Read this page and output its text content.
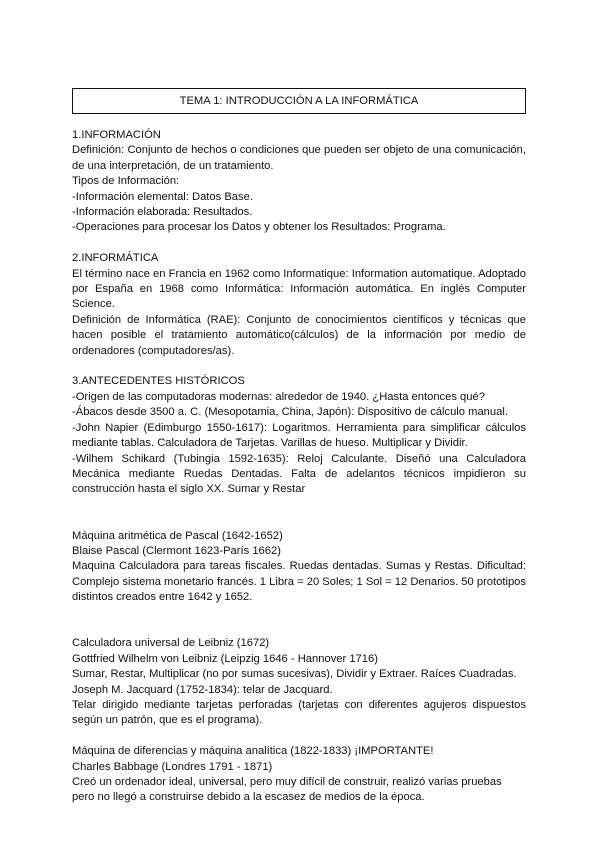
TEMA 1: INTRODUCCIÓN A LA INFORMÁTICA

1.INFORMACIÓN

Definición: Conjunto de hechos o condiciones que pueden ser objeto de una comunicación, de una interpretación, de un tratamiento.

Tipos de Información:

-Información elemental: Datos Base.

-Información elaborada: Resultados.

-Operaciones para procesar los Datos y obtener los Resultados: Programa.

2.INFORMÁTICA

El término nace en Francia en 1962 como Informatique: Information automatique. Adoptado por España en 1968 como Informática: Información automática. En inglés Computer Science.

Definición de Informática (RAE): Conjunto de conocimientos científicos y técnicas que hacen posible el tratamiento automático(cálculos) de la información por medio de ordenadores (computadores/as).

3.ANTECEDENTES HISTÓRICOS

-Origen de las computadoras modernas: alrededor de 1940. ¿Hasta entonces qué?

-Ábacos desde 3500 a. C. (Mesopotamia, China, Japón): Dispositivo de cálculo manual.

-John Napier (Edimburgo 1550-1617): Logaritmos. Herramienta para simplificar cálculos mediante tablas. Calculadora de Tarjetas. Varillas de hueso. Multiplicar y Dividir.

-Wilhem Schikard (Tubingia 1592-1635): Reloj Calculante. Diseñó una Calculadora Mecánica mediante Ruedas Dentadas. Falta de adelantos técnicos impidieron su construcción hasta el siglo XX. Sumar y Restar

Máquina aritmética de Pascal (1642-1652)

Blaise Pascal (Clermont 1623-París 1662)

Maquina Calculadora para tareas fiscales. Ruedas dentadas. Sumas y Restas. Dificultad: Complejo sistema monetario francés. 1 Libra = 20 Soles; 1 Sol = 12 Denarios. 50 prototipos distintos creados entre 1642 y 1652.

Calculadora universal de Leibniz (1672)

Gottfried Wilhelm von Leibniz (Leipzig 1646 - Hannover 1716)

Sumar, Restar, Multiplicar (no por sumas sucesivas), Dividir y Extraer. Raíces Cuadradas.

Joseph M. Jacquard (1752-1834): telar de Jacquard.

Telar dirigido mediante tarjetas perforadas (tarjetas con diferentes agujeros dispuestos según un patrón, que es el programa).

Máquina de diferencias y máquina analítica (1822-1833) ¡IMPORTANTE!

Charles Babbage (Londres 1791 - 1871)

Creó un ordenador ideal, universal, pero muy difícil de construir, realizó varias pruebas pero no llegó a construirse debido a la escasez de medios de la época.
